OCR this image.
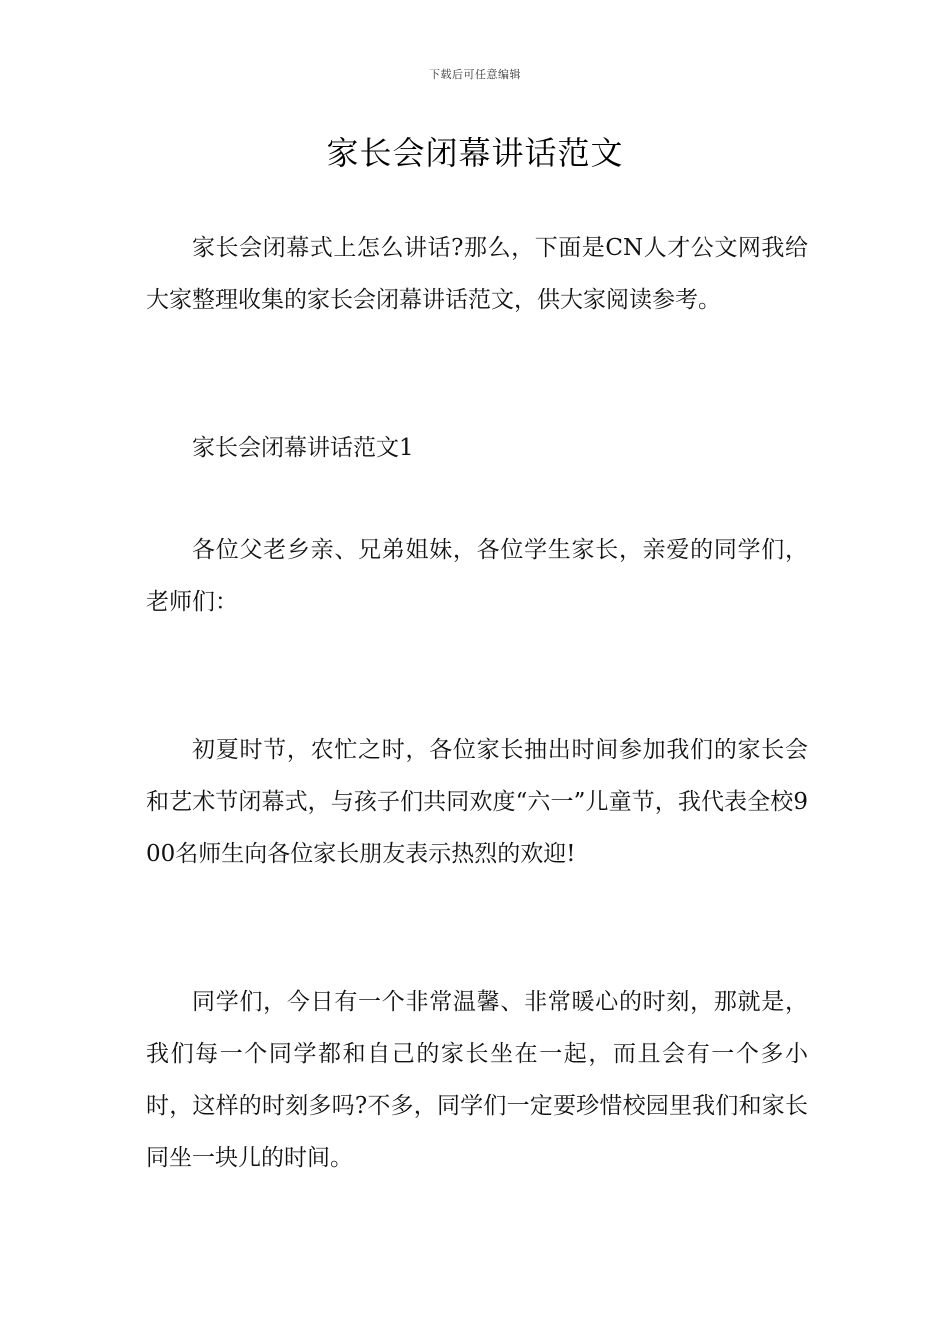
下载后可任意编辑
家长会闭幕讲话范文

家长会闭幕式上怎么讲话?那么，下面是CN人才公文网我给大家整理收集的家长会闭幕讲话范文，供大家阅读参考。

家长会闭幕讲话范文1

各位父老乡亲、兄弟姐妹，各位学生家长，亲爱的同学们，老师们：

初夏时节，农忙之时，各位家长抽出时间参加我们的家长会和艺术节闭幕式，与孩子们共同欢度“六一”儿童节，我代表全校900名师生向各位家长朋友表示热烈的欢迎!

同学们，今日有一个非常温馨、非常暖心的时刻，那就是，我们每一个同学都和自己的家长坐在一起，而且会有一个多小时，这样的时刻多吗?不多，同学们一定要珍惜校园里我们和家长同坐一块儿的时间。
